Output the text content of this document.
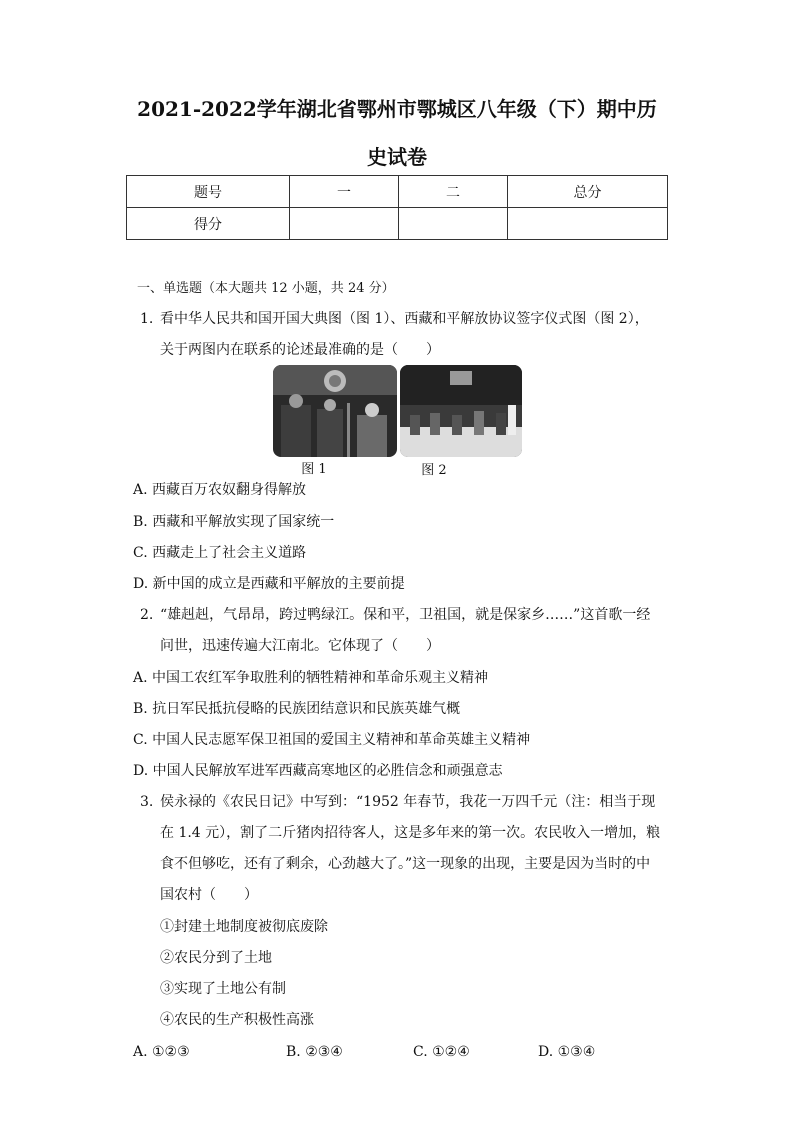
2021-2022学年湖北省鄂州市鄂城区八年级（下）期中历
史试卷
题号	一	二	总分
得分			
一、单选题（本大题共 12 小题，共 24 分）
1. 看中华人民共和国开国大典图（图 1）、西藏和平解放协议签字仪式图（图 2），
关于两图内在联系的论述最准确的是（　　）
图 1	图 2
A. 西藏百万农奴翻身得解放
B. 西藏和平解放实现了国家统一
C. 西藏走上了社会主义道路
D. 新中国的成立是西藏和平解放的主要前提
2. “雄赳赳，气昂昂，跨过鸭绿江。保和平，卫祖国，就是保家乡……”这首歌一经
问世，迅速传遍大江南北。它体现了（　　）
A. 中国工农红军争取胜利的牺牲精神和革命乐观主义精神
B. 抗日军民抵抗侵略的民族团结意识和民族英雄气概
C. 中国人民志愿军保卫祖国的爱国主义精神和革命英雄主义精神
D. 中国人民解放军进军西藏高寒地区的必胜信念和顽强意志
3. 侯永禄的《农民日记》中写到：“1952 年春节，我花一万四千元（注：相当于现
在 1.4 元），割了二斤猪肉招待客人，这是多年来的第一次。农民收入一增加，粮
食不但够吃，还有了剩余，心劲越大了。”这一现象的出现，主要是因为当时的中
国农村（　　）
①封建土地制度被彻底废除
②农民分到了土地
③实现了土地公有制
④农民的生产积极性高涨
A. ①②③	B. ②③④	C. ①②④	D. ①③④
